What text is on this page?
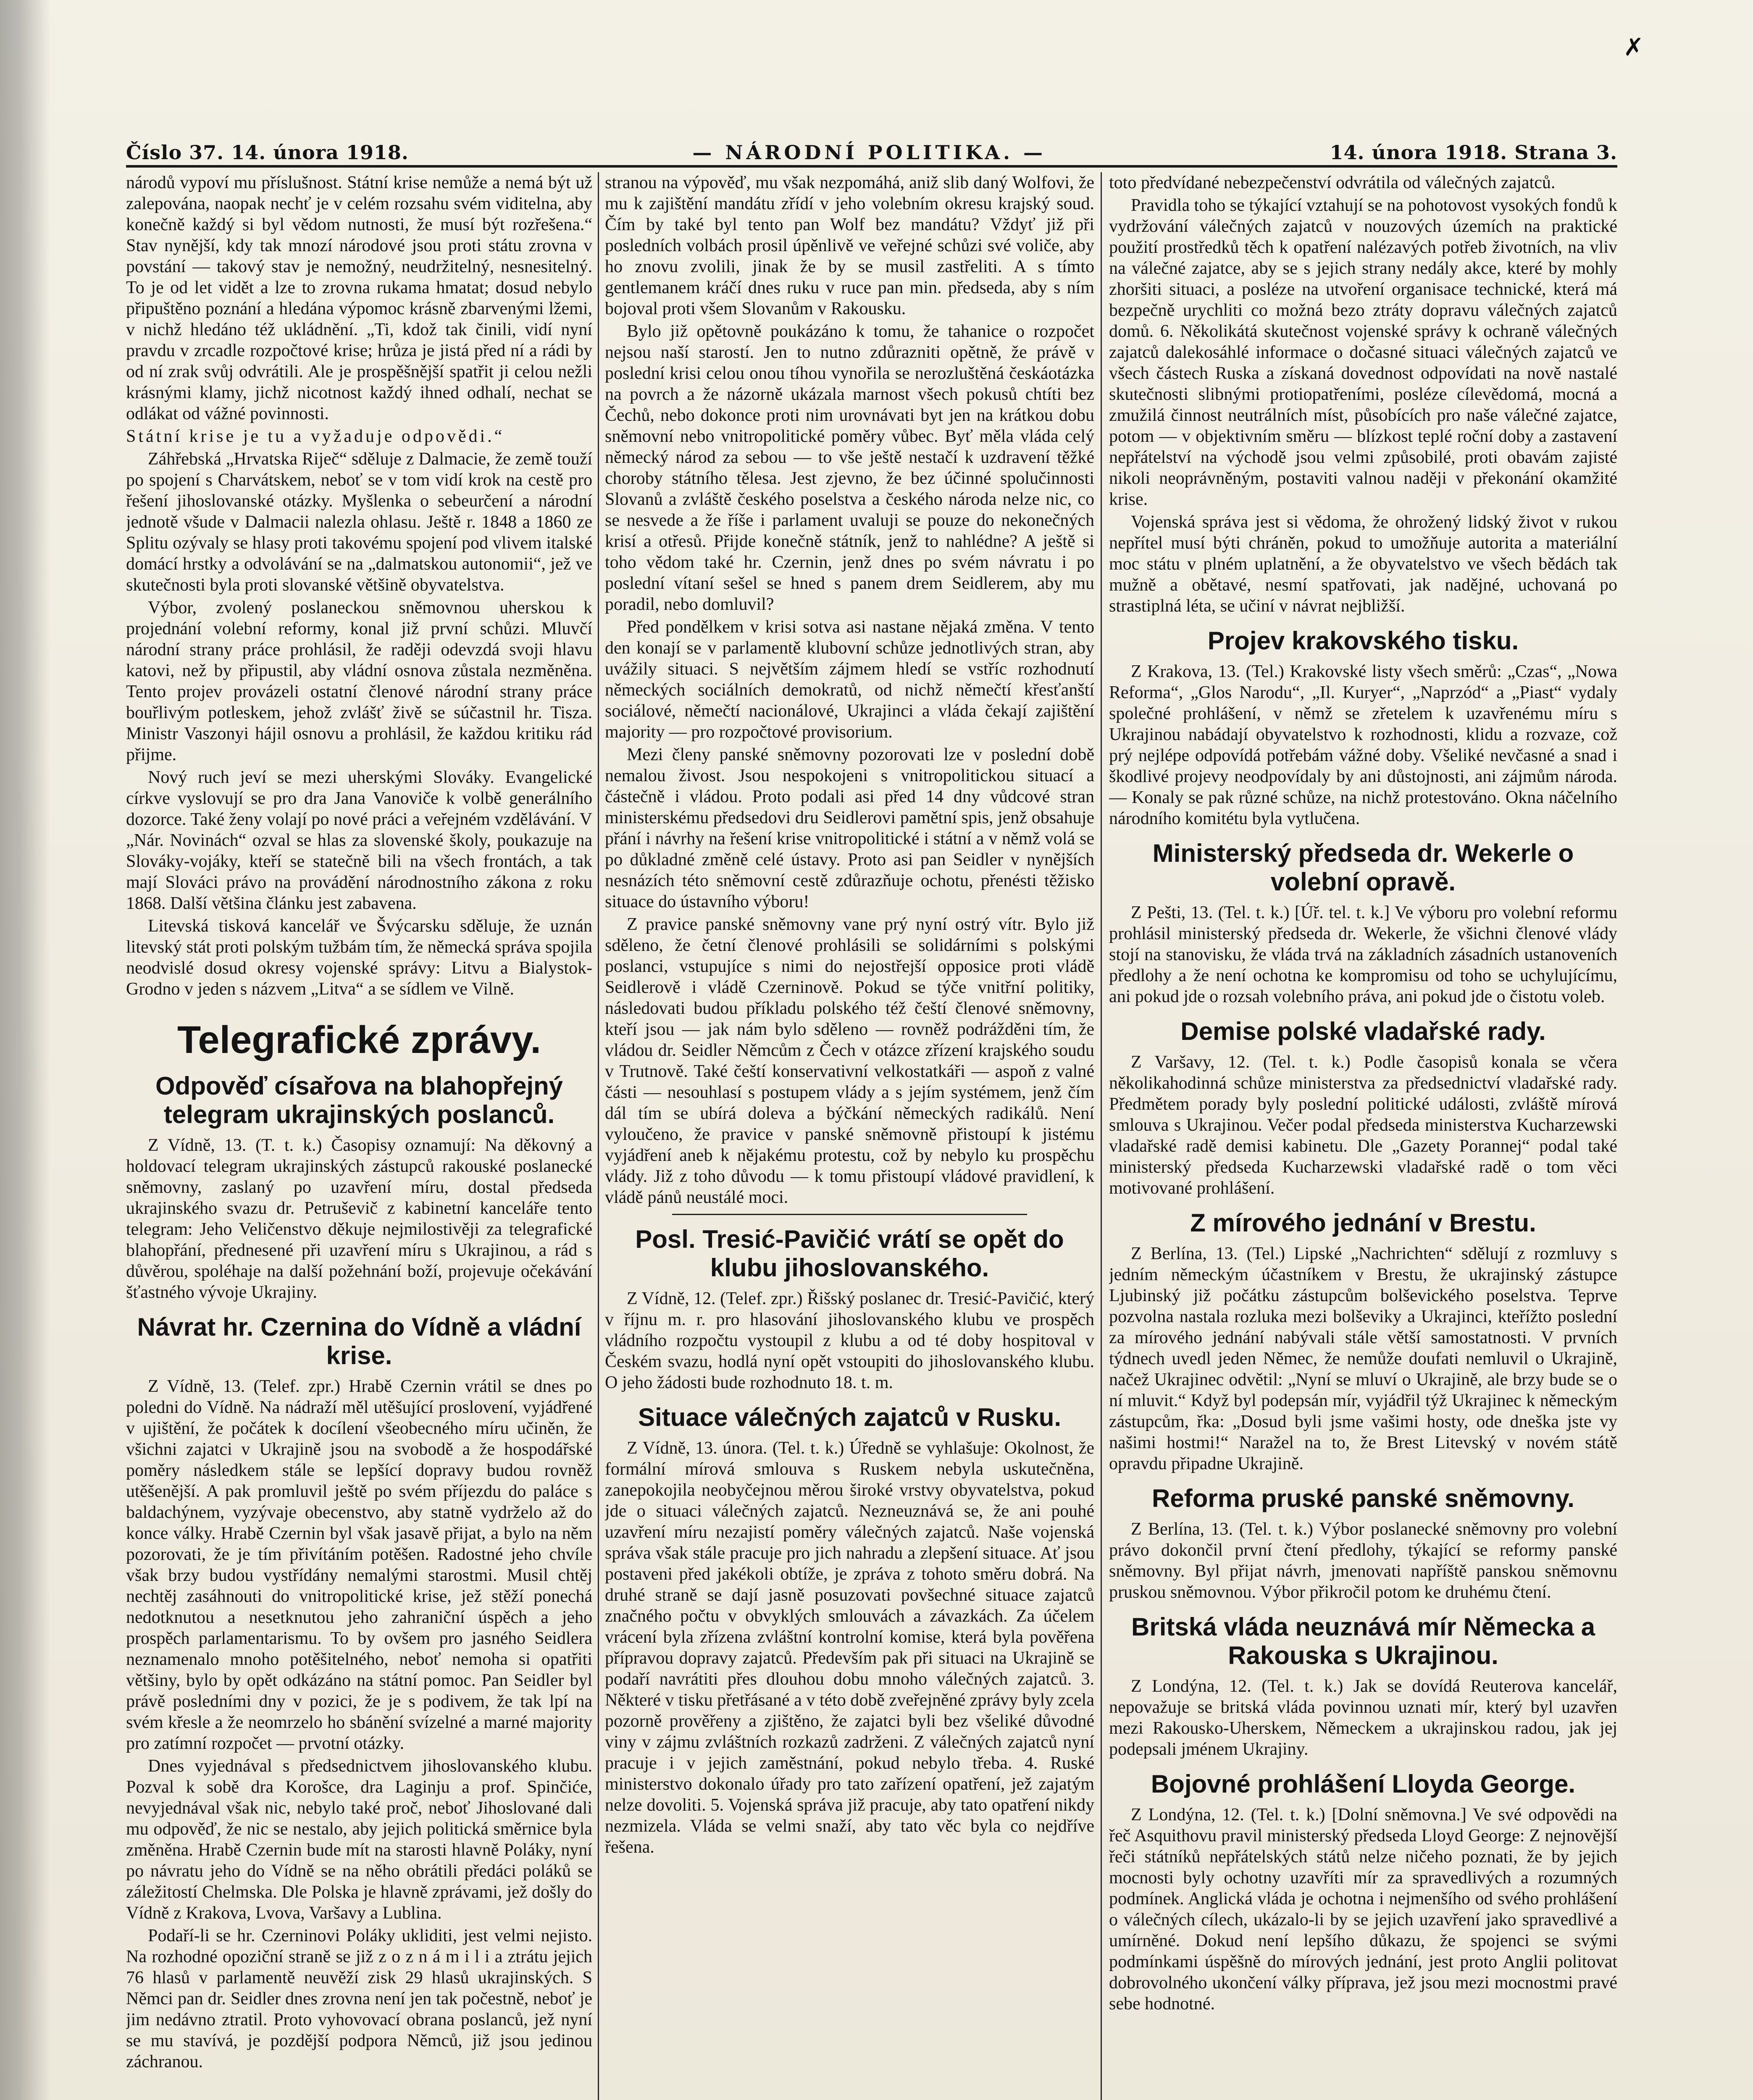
✗
Číslo 37. 14. února 1918.	— NÁRODNÍ POLITIKA. —	14. února 1918. Strana 3.

národů vypoví mu příslušnost. Státní krise nemůže a nemá být už zalepována, naopak nechť je v celém rozsahu svém viditelna, aby konečně každý si byl vědom nutnosti, že musí být rozřešena.“ Stav nynější, kdy tak mnozí národové jsou proti státu zrovna v povstání — takový stav je nemožný, neudržitelný, nesnesitelný. To je od let vidět a lze to zrovna rukama hmatat; dosud nebylo připuštěno poznání a hledána výpomoc krásně zbarvenými lžemi, v nichž hledáno též ukládnění. „Ti, kdož tak činili, vidí nyní pravdu v zrcadle rozpočtové krise; hrůza je jistá před ní a rádi by od ní zrak svůj odvrátili. Ale je prospěšnější spatřit ji celou nežli krásnými klamy, jichž nicotnost každý ihned odhalí, nechat se odlákat od vážné povinnosti.

Státní krise je tu a vyžaduje odpovědi.“

Záhřebská „Hrvatska Riječ“ sděluje z Dalmacie, že země touží po spojení s Charvátskem, neboť se v tom vidí krok na cestě pro řešení jihoslovanské otázky. Myšlenka o sebeurčení a národní jednotě všude v Dalmacii nalezla ohlasu. Ještě r. 1848 a 1860 ze Splitu ozývaly se hlasy proti takovému spojení pod vlivem italské domácí hrstky a odvolávání se na „dalmatskou autonomii“, jež ve skutečnosti byla proti slovanské většině obyvatelstva.

Výbor, zvolený poslaneckou sněmovnou uherskou k projednání volební reformy, konal již první schůzi. Mluvčí národní strany práce prohlásil, že raději odevzdá svoji hlavu katovi, než by připustil, aby vládní osnova zůstala nezměněna. Tento projev provázeli ostatní členové národní strany práce bouřlivým potleskem, jehož zvlášť živě se súčastnil hr. Tisza. Ministr Vaszonyi hájil osnovu a prohlásil, že každou kritiku rád přijme.

Nový ruch jeví se mezi uherskými Slováky. Evangelické církve vyslovují se pro dra Jana Vanoviče k volbě generálního dozorce. Také ženy volají po nové práci a veřejném vzdělávání. V „Nár. Novinách“ ozval se hlas za slovenské školy, poukazuje na Slováky-vojáky, kteří se statečně bili na všech frontách, a tak mají Slováci právo na provádění národnostního zákona z roku 1868. Další většina článku jest zabavena.

Litevská tisková kancelář ve Švýcarsku sděluje, že uznán litevský stát proti polským tužbám tím, že německá správa spojila neodvislé dosud okresy vojenské správy: Litvu a Bialystok-Grodno v jeden s názvem „Litva“ a se sídlem ve Vilně.

Telegrafické zprávy.
Odpověď císařova na blahopřejný telegram ukrajinských poslanců.

Z Vídně, 13. (T. t. k.) Časopisy oznamují: Na děkovný a holdovací telegram ukrajinských zástupců rakouské poslanecké sněmovny, zaslaný po uzavření míru, dostal předseda ukrajinského svazu dr. Petruševič z kabinetní kanceláře tento telegram: Jeho Veličenstvo děkuje nejmilostivěji za telegrafické blahopřání, přednesené při uzavření míru s Ukrajinou, a rád s důvěrou, spoléhaje na další požehnání boží, projevuje očekávání šťastného vývoje Ukrajiny.

Návrat hr. Czernina do Vídně a vládní krise.

Z Vídně, 13. (Telef. zpr.) Hrabě Czernin vrátil se dnes po poledni do Vídně. Na nádraží měl utěšující proslovení, vyjádřené v ujištění, že počátek k docílení všeobecného míru učiněn, že všichni zajatci v Ukrajině jsou na svobodě a že hospodářské poměry následkem stále se lepšící dopravy budou rovněž utěšenější. A pak promluvil ještě po svém příjezdu do paláce s baldachýnem, vyzývaje obecenstvo, aby statně vydrželo až do konce války. Hrabě Czernin byl však jasavě přijat, a bylo na něm pozorovati, že je tím přivítáním potěšen. Radostné jeho chvíle však brzy budou vystřídány nemalými starostmi. Musil chtěj nechtěj zasáhnouti do vnitropolitické krise, jež stěží ponechá nedotknutou a nesetknutou jeho zahraniční úspěch a jeho prospěch parlamentarismu. To by ovšem pro jasného Seidlera neznamenalo mnoho potěšitelného, neboť nemoha si opatřiti většiny, bylo by opět odkázáno na státní pomoc. Pan Seidler byl právě posledními dny v pozici, že je s podivem, že tak lpí na svém křesle a že neomrzelo ho sbánění svízelné a marné majority pro zatímní rozpočet — prvotní otázky.

Dnes vyjednával s předsednictvem jihoslovanského klubu. Pozval k sobě dra Korošce, dra Laginju a prof. Spinčiće, nevyjednával však nic, nebylo také proč, neboť Jihoslované dali mu odpověď, že nic se nestalo, aby jejich politická směrnice byla změněna. Hrabě Czernin bude mít na starosti hlavně Poláky, nyní po návratu jeho do Vídně se na něho obrátili předáci poláků se záležitostí Chelmska. Dle Polska je hlavně zprávami, jež došly do Vídně z Krakova, Lvova, Varšavy a Lublina.

Podaří-li se hr. Czerninovi Poláky ukliditi, jest velmi nejisto. Na rozhodné opoziční straně se již z o z n á m i l i a ztrátu jejich 76 hlasů v parlamentě neuvěží zisk 29 hlasů ukrajinských. S Němci pan dr. Seidler dnes zrovna není jen tak počestně, neboť je jim nedávno ztratil. Proto vyhovovací obrana poslanců, jež nyní se mu stavívá, je pozdější podpora Němců, již jsou jedinou záchranou.

stranou na výpověď, mu však nezpomáhá, aniž slib daný Wolfovi, že mu k zajištění mandátu zřídí v jeho volebním okresu krajský soud. Čím by také byl tento pan Wolf bez mandátu? Vždyť již při posledních volbách prosil úpěnlivě ve veřejné schůzi své voliče, aby ho znovu zvolili, jinak že by se musil zastřeliti. A s tímto gentlemanem kráčí dnes ruku v ruce pan min. předseda, aby s ním bojoval proti všem Slovanům v Rakousku.

Bylo již opětovně poukázáno k tomu, že tahanice o rozpočet nejsou naší starostí. Jen to nutno zdůrazniti opětně, že právě v poslední krisi celou onou tíhou vynořila se nerozluštěná českáotázka na povrch a že názorně ukázala marnost všech pokusů chtíti bez Čechů, nebo dokonce proti nim urovnávati byt jen na krátkou dobu sněmovní nebo vnitropolitické poměry vůbec. Byť měla vláda celý německý národ za sebou — to vše ještě nestačí k uzdravení těžké choroby státního tělesa. Jest zjevno, že bez účinné spolučinnosti Slovanů a zvláště českého poselstva a českého národa nelze nic, co se nesvede a že říše i parlament uvaluji se pouze do nekonečných krisí a otřesů. Přijde konečně státník, jenž to nahlédne? A ještě si toho vědom také hr. Czernin, jenž dnes po svém návratu i po poslední vítaní sešel se hned s panem drem Seidlerem, aby mu poradil, nebo domluvil?

Před pondělkem v krisi sotva asi nastane nějaká změna. V tento den konají se v parlamentě klubovní schůze jednotlivých stran, aby uvážily situaci. S největším zájmem hledí se vstříc rozhodnutí německých sociálních demokratů, od nichž němečtí křesťanští sociálové, němečtí nacionálové, Ukrajinci a vláda čekají zajištění majority — pro rozpočtové provisorium.

Mezi členy panské sněmovny pozorovati lze v poslední době nemalou živost. Jsou nespokojeni s vnitropolitickou situací a částečně i vládou. Proto podali asi před 14 dny vůdcové stran ministerskému předsedovi dru Seidlerovi pamětní spis, jenž obsahuje přání i návrhy na řešení krise vnitropolitické i státní a v němž volá se po důkladné změně celé ústavy. Proto asi pan Seidler v nynějších nesnázích této sněmovní cestě zdůrazňuje ochotu, přenésti těžisko situace do ústavního výboru!

Z pravice panské sněmovny vane prý nyní ostrý vítr. Bylo již sděleno, že četní členové prohlásili se solidárními s polskými poslanci, vstupujíce s nimi do nejostřejší opposice proti vládě Seidlerově i vládě Czerninově. Pokud se týče vnitřní politiky, následovati budou příkladu polského též čeští členové sněmovny, kteří jsou — jak nám bylo sděleno — rovněž podrážděni tím, že vládou dr. Seidler Němcům z Čech v otázce zřízení krajského soudu v Trutnově. Také čeští konservativní velkostatkáři — aspoň z valné části — nesouhlasí s postupem vlády a s jejím systémem, jenž čím dál tím se ubírá doleva a býčkání německých radikálů. Není vyloučeno, že pravice v panské sněmovně přistoupí k jistému vyjádření aneb k nějakému protestu, což by nebylo ku prospěchu vlády. Již z toho důvodu — k tomu přistoupí vládové pravidlení, k vládě pánů neustálé moci.

Posl. Tresić-Pavičić vrátí se opět do klubu jihoslovanského.

Z Vídně, 12. (Telef. zpr.) Řišský poslanec dr. Tresić-Pavičić, který v říjnu m. r. pro hlasování jihoslovanského klubu ve prospěch vládního rozpočtu vystoupil z klubu a od té doby hospitoval v Českém svazu, hodlá nyní opět vstoupiti do jihoslovanského klubu. O jeho žádosti bude rozhodnuto 18. t. m.

Situace válečných zajatců v Rusku.

Z Vídně, 13. února. (Tel. t. k.) Úředně se vyhlašuje: Okolnost, že formální mírová smlouva s Ruskem nebyla uskutečněna, zanepokojila neobyčejnou měrou široké vrstvy obyvatelstva, pokud jde o situaci válečných zajatců. Nezneuznává se, že ani pouhé uzavření míru nezajistí poměry válečných zajatců. Naše vojenská správa však stále pracuje pro jich nahradu a zlepšení situace. Ať jsou postaveni před jakékoli obtíže, je zpráva z tohoto směru dobrá. Na druhé straně se dají jasně posuzovati povšechné situace zajatců značného počtu v obvyklých smlouvách a závazkách. Za účelem vrácení byla zřízena zvláštní kontrolní komise, která byla pověřena přípravou dopravy zajatců. Především pak při situaci na Ukrajině se podaří navrátiti přes dlouhou dobu mnoho válečných zajatců. 3. Některé v tisku přetřásané a v této době zveřejněné zprávy byly zcela pozorně prověřeny a zjištěno, že zajatci byli bez všeliké důvodné viny v zájmu zvláštních rozkazů zadrženi. Z válečných zajatců nyní pracuje i v jejich zaměstnání, pokud nebylo třeba. 4. Ruské ministerstvo dokonalo úřady pro tato zařízení opatření, jež zajatým nelze dovoliti. 5. Vojenská správa již pracuje, aby tato opatření nikdy nezmizela. Vláda se velmi snaží, aby tato věc byla co nejdříve řešena.

toto předvídané nebezpečenství odvrátila od válečných zajatců.

Pravidla toho se týkající vztahují se na pohotovost vysokých fondů k vydržování válečných zajatců v nouzových územích na praktické použití prostředků těch k opatření nalézavých potřeb životních, na vliv na válečné zajatce, aby se s jejich strany nedály akce, které by mohly zhoršiti situaci, a posléze na utvoření organisace technické, která má bezpečně urychliti co možná bezo ztráty dopravu válečných zajatců domů. 6. Několikátá skutečnost vojenské správy k ochraně válečných zajatců dalekosáhlé informace o dočasné situaci válečných zajatců ve všech částech Ruska a získaná dovednost odpovídati na nově nastalé skutečnosti slibnými protiopatřeními, posléze cílevědomá, mocná a zmužilá činnost neutrálních míst, působících pro naše válečné zajatce, potom — v objektivním směru — blízkost teplé roční doby a zastavení nepřátelství na východě jsou velmi způsobilé, proti obavám zajisté nikoli neoprávněným, postaviti valnou naději v překonání okamžité krise.

Vojenská správa jest si vědoma, že ohrožený lidský život v rukou nepřítel musí býti chráněn, pokud to umožňuje autorita a materiální moc státu v plném uplatnění, a že obyvatelstvo ve všech bědách tak mužně a obětavé, nesmí spatřovati, jak nadějné, uchovaná po strastiplná léta, se učiní v návrat nejbližší.

Projev krakovského tisku.

Z Krakova, 13. (Tel.) Krakovské listy všech směrů: „Czas“, „Nowa Reforma“, „Glos Narodu“, „Il. Kuryer“, „Naprzód“ a „Piast“ vydaly společné prohlášení, v němž se zřetelem k uzavřenému míru s Ukrajinou nabádají obyvatelstvo k rozhodnosti, klidu a rozvaze, což prý nejlépe odpovídá potřebám vážné doby. Všeliké nevčasné a snad i škodlivé projevy neodpovídaly by ani důstojnosti, ani zájmům národa. — Konaly se pak různé schůze, na nichž protestováno. Okna náčelního národního komitétu byla vytlučena.

Ministerský předseda dr. Wekerle o volební opravě.

Z Pešti, 13. (Tel. t. k.) [Úř. tel. t. k.] Ve výboru pro volební reformu prohlásil ministerský předseda dr. Wekerle, že všichni členové vlády stojí na stanovisku, že vláda trvá na základních zásadních ustanoveních předlohy a že není ochotna ke kompromisu od toho se uchylujícímu, ani pokud jde o rozsah volebního práva, ani pokud jde o čistotu voleb.

Demise polské vladařské rady.

Z Varšavy, 12. (Tel. t. k.) Podle časopisů konala se včera několikahodinná schůze ministerstva za předsednictví vladařské rady. Předmětem porady byly poslední politické události, zvláště mírová smlouva s Ukrajinou. Večer podal předseda ministerstva Kucharzewski vladařské radě demisi kabinetu. Dle „Gazety Porannej“ podal také ministerský předseda Kucharzewski vladařské radě o tom věci motivované prohlášení.

Z mírového jednání v Brestu.

Z Berlína, 13. (Tel.) Lipské „Nachrichten“ sdělují z rozmluvy s jedním německým účastníkem v Brestu, že ukrajinský zástupce Ljubinský již počátku zástupcům bolševického poselstva. Teprve pozvolna nastala rozluka mezi bolševiky a Ukrajinci, kteřížto poslední za mírového jednání nabývali stále větší samostatnosti. V prvních týdnech uvedl jeden Němec, že nemůže doufati nemluvil o Ukrajině, načež Ukrajinec odvětil: „Nyní se mluví o Ukrajině, ale brzy bude se o ní mluvit.“ Když byl podepsán mír, vyjádřil týž Ukrajinec k německým zástupcům, řka: „Dosud byli jsme vašimi hosty, ode dneška jste vy našimi hostmi!“ Naražel na to, že Brest Litevský v novém státě opravdu připadne Ukrajině.

Reforma pruské panské sněmovny.

Z Berlína, 13. (Tel. t. k.) Výbor poslanecké sněmovny pro volební právo dokončil první čtení předlohy, týkající se reformy panské sněmovny. Byl přijat návrh, jmenovati napříště panskou sněmovnu pruskou sněmovnou. Výbor přikročil potom ke druhému čtení.

Britská vláda neuznává mír Německa a Rakouska s Ukrajinou.

Z Londýna, 12. (Tel. t. k.) Jak se dovídá Reuterova kancelář, nepovažuje se britská vláda povinnou uznati mír, který byl uzavřen mezi Rakousko-Uherskem, Německem a ukrajinskou radou, jak jej podepsali jménem Ukrajiny.

Bojovné prohlášení Lloyda George.

Z Londýna, 12. (Tel. t. k.) [Dolní sněmovna.] Ve své odpovědi na řeč Asquithovu pravil ministerský předseda Lloyd George: Z nejnovější řeči státníků nepřátelských států nelze ničeho poznati, že by jejich mocnosti byly ochotny uzavříti mír za spravedlivých a rozumných podmínek. Anglická vláda je ochotna i nejmenšího od svého prohlášení o válečných cílech, ukázalo-li by se jejich uzavření jako spravedlivé a umírněné. Dokud není lepšího důkazu, že spojenci se svými podmínkami úspěšně do mírových jednání, jest proto Anglii politovat dobrovolného ukončení války příprava, jež jsou mezi mocnostmi pravé sebe hodnotné.
